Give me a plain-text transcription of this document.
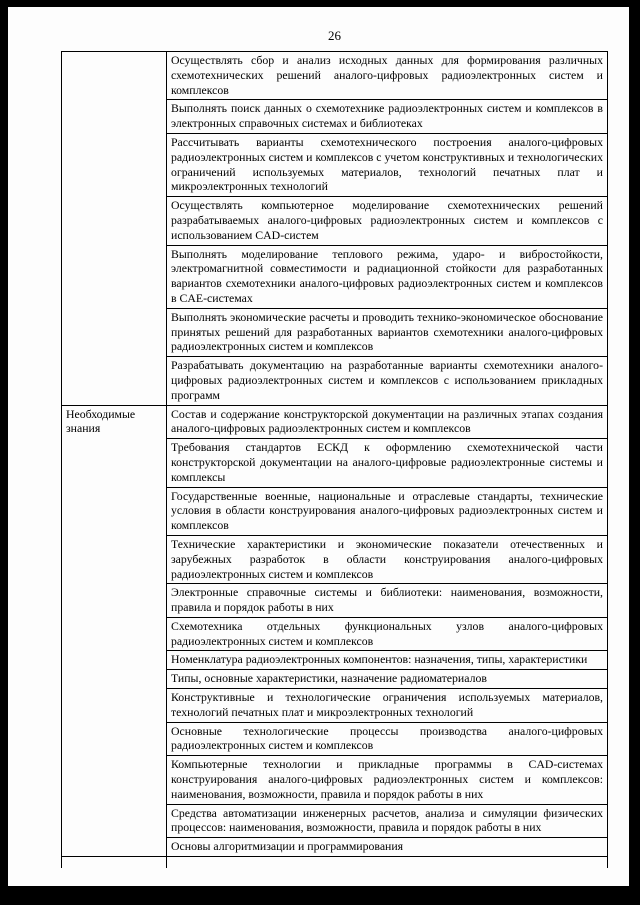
26
	Осуществлять сбор и анализ исходных данных для формирования различных схемотехнических решений аналого-цифровых радиоэлектронных систем и комплексов
	Выполнять поиск данных о схемотехнике радиоэлектронных систем и комплексов в электронных справочных системах и библиотеках
	Рассчитывать варианты схемотехнического построения аналого-цифровых радиоэлектронных систем и комплексов с учетом конструктивных и технологических ограничений используемых материалов, технологий печатных плат и микроэлектронных технологий
	Осуществлять компьютерное моделирование схемотехнических решений разрабатываемых аналого-цифровых радиоэлектронных систем и комплексов с использованием CAD-систем
	Выполнять моделирование теплового режима, ударо- и вибростойкости, электромагнитной совместимости и радиационной стойкости для разработанных вариантов схемотехники аналого-цифровых радиоэлектронных систем и комплексов в CAE-системах
	Выполнять экономические расчеты и проводить технико-экономическое обоснование принятых решений для разработанных вариантов схемотехники аналого-цифровых радиоэлектронных систем и комплексов
	Разрабатывать документацию на разработанные варианты схемотехники аналого-цифровых радиоэлектронных систем и комплексов с использованием прикладных программ
Необходимые знания	Состав и содержание конструкторской документации на различных этапах создания аналого-цифровых радиоэлектронных систем и комплексов
	Требования стандартов ЕСКД к оформлению схемотехнической части конструкторской документации на аналого-цифровые радиоэлектронные системы и комплексы
	Государственные военные, национальные и отраслевые стандарты, технические условия в области конструирования аналого-цифровых радиоэлектронных систем и комплексов
	Технические характеристики и экономические показатели отечественных и зарубежных разработок в области конструирования аналого-цифровых радиоэлектронных систем и комплексов
	Электронные справочные системы и библиотеки: наименования, возможности, правила и порядок работы в них
	Схемотехника отдельных функциональных узлов аналого-цифровых радиоэлектронных систем и комплексов
	Номенклатура радиоэлектронных компонентов: назначения, типы, характеристики
	Типы, основные характеристики, назначение радиоматериалов
	Конструктивные и технологические ограничения используемых материалов, технологий печатных плат и микроэлектронных технологий
	Основные технологические процессы производства аналого-цифровых радиоэлектронных систем и комплексов
	Компьютерные технологии и прикладные программы в CAD-системах конструирования аналого-цифровых радиоэлектронных систем и комплексов: наименования, возможности, правила и порядок работы в них
	Средства автоматизации инженерных расчетов, анализа и симуляции физических процессов: наименования, возможности, правила и порядок работы в них
	Основы алгоритмизации и программирования
